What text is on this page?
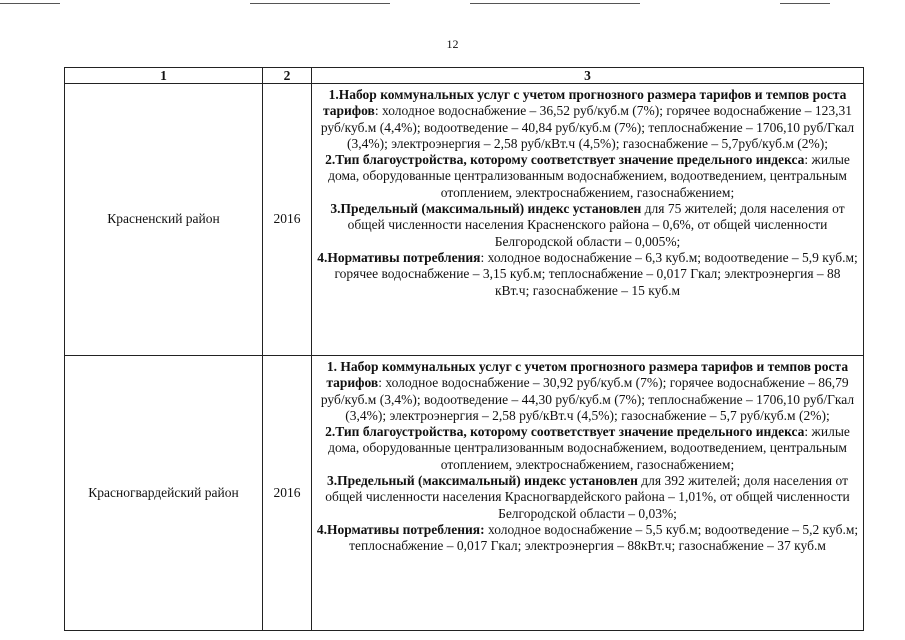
12
1	2	3
Красненский район	2016	1.Набор коммунальных услуг с учетом прогнозного размера тарифов и темпов роста тарифов: холодное водоснабжение – 36,52 руб/куб.м (7%); горячее водоснабжение – 123,31 руб/куб.м (4,4%); водоотведение – 40,84 руб/куб.м (7%); теплоснабжение – 1706,10 руб/Гкал (3,4%); электроэнергия – 2,58 руб/кВт.ч (4,5%); газоснабжение – 5,7руб/куб.м (2%);

2.Тип благоустройства, которому соответствует значение предельного индекса: жилые дома, оборудованные централизованным водоснабжением, водоотведением, центральным отоплением, электроснабжением, газоснабжением;

3.Предельный (максимальный) индекс установлен для 75 жителей; доля населения от общей численности населения Красненского района – 0,6%, от общей численности Белгородской области – 0,005%;

4.Нормативы потребления: холодное водоснабжение – 6,3 куб.м; водоотведение – 5,9 куб.м; горячее водоснабжение – 3,15 куб.м; теплоснабжение – 0,017 Гкал; электроэнергия – 88 кВт.ч; газоснабжение – 15 куб.м

Красногвардейский район	2016	1. Набор коммунальных услуг с учетом прогнозного размера тарифов и темпов роста тарифов: холодное водоснабжение – 30,92 руб/куб.м (7%); горячее водоснабжение – 86,79 руб/куб.м (3,4%); водоотведение – 44,30 руб/куб.м (7%); теплоснабжение – 1706,10 руб/Гкал (3,4%); электроэнергия – 2,58 руб/кВт.ч (4,5%); газоснабжение – 5,7 руб/куб.м (2%);

2.Тип благоустройства, которому соответствует значение предельного индекса: жилые дома, оборудованные централизованным водоснабжением, водоотведением, центральным отоплением, электроснабжением, газоснабжением;

3.Предельный (максимальный) индекс установлен для 392 жителей; доля населения от общей численности населения Красногвардейского района – 1,01%, от общей численности Белгородской области – 0,03%;

4.Нормативы потребления: холодное водоснабжение – 5,5 куб.м; водоотведение – 5,2 куб.м; теплоснабжение – 0,017 Гкал; электроэнергия – 88кВт.ч; газоснабжение – 37 куб.м
